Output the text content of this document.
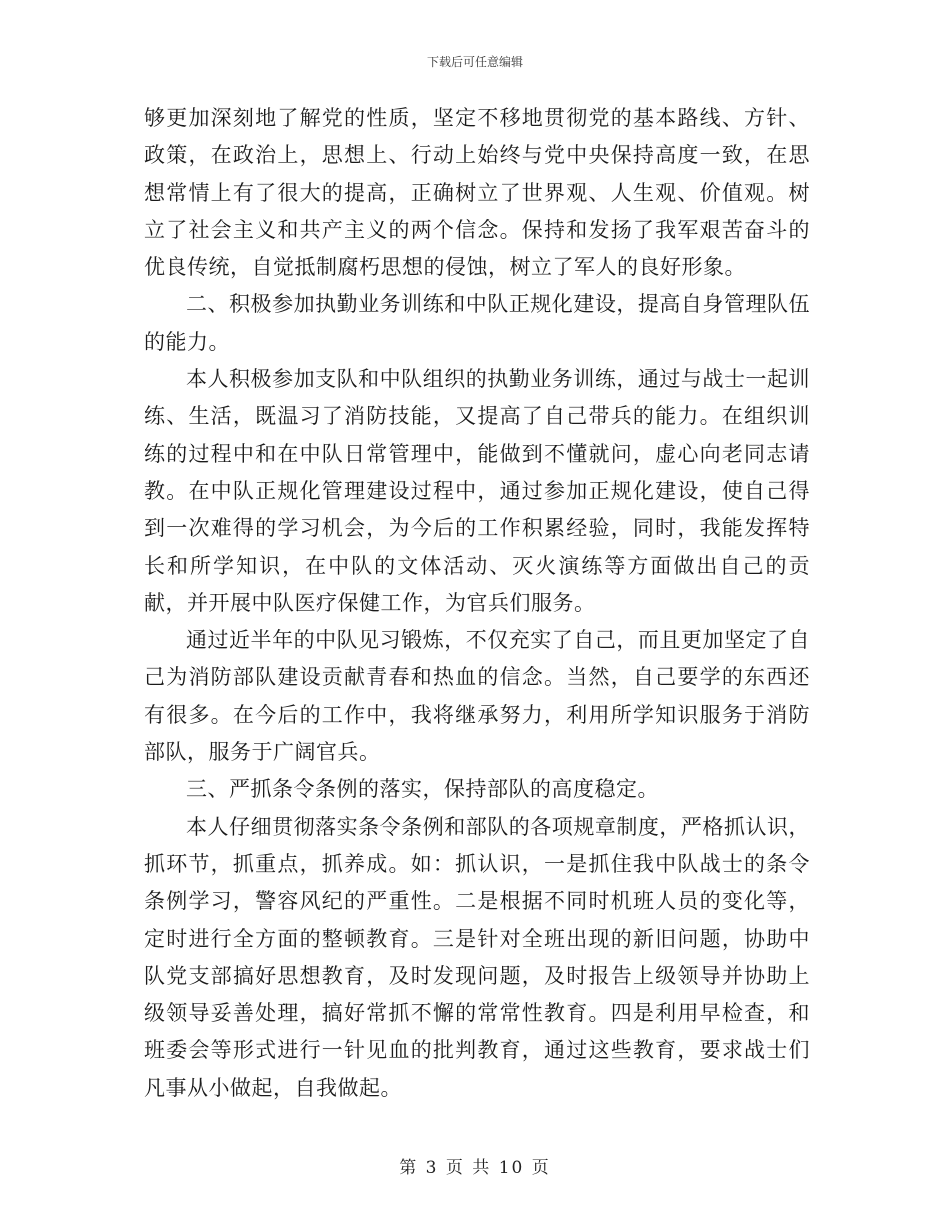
下载后可任意编辑

够更加深刻地了解党的性质，坚定不移地贯彻党的基本路线、方针、政策，在政治上，思想上、行动上始终与党中央保持高度一致，在思想常情上有了很大的提高，正确树立了世界观、人生观、价值观。树立了社会主义和共产主义的两个信念。保持和发扬了我军艰苦奋斗的优良传统，自觉抵制腐朽思想的侵蚀，树立了军人的良好形象。

二、积极参加执勤业务训练和中队正规化建设，提高自身管理队伍的能力。

本人积极参加支队和中队组织的执勤业务训练，通过与战士一起训练、生活，既温习了消防技能，又提高了自己带兵的能力。在组织训练的过程中和在中队日常管理中，能做到不懂就问，虚心向老同志请教。在中队正规化管理建设过程中，通过参加正规化建设，使自己得到一次难得的学习机会，为今后的工作积累经验，同时，我能发挥特长和所学知识，在中队的文体活动、灭火演练等方面做出自己的贡献，并开展中队医疗保健工作，为官兵们服务。

通过近半年的中队见习锻炼，不仅充实了自己，而且更加坚定了自己为消防部队建设贡献青春和热血的信念。当然，自己要学的东西还有很多。在今后的工作中，我将继承努力，利用所学知识服务于消防部队，服务于广阔官兵。

三、严抓条令条例的落实，保持部队的高度稳定。

本人仔细贯彻落实条令条例和部队的各项规章制度，严格抓认识，抓环节，抓重点，抓养成。如：抓认识，一是抓住我中队战士的条令条例学习，警容风纪的严重性。二是根据不同时机班人员的变化等，定时进行全方面的整顿教育。三是针对全班出现的新旧问题，协助中队党支部搞好思想教育，及时发现问题，及时报告上级领导并协助上级领导妥善处理，搞好常抓不懈的常常性教育。四是利用早检查，和班委会等形式进行一针见血的批判教育，通过这些教育，要求战士们凡事从小做起，自我做起。

第 3 页 共 10 页
